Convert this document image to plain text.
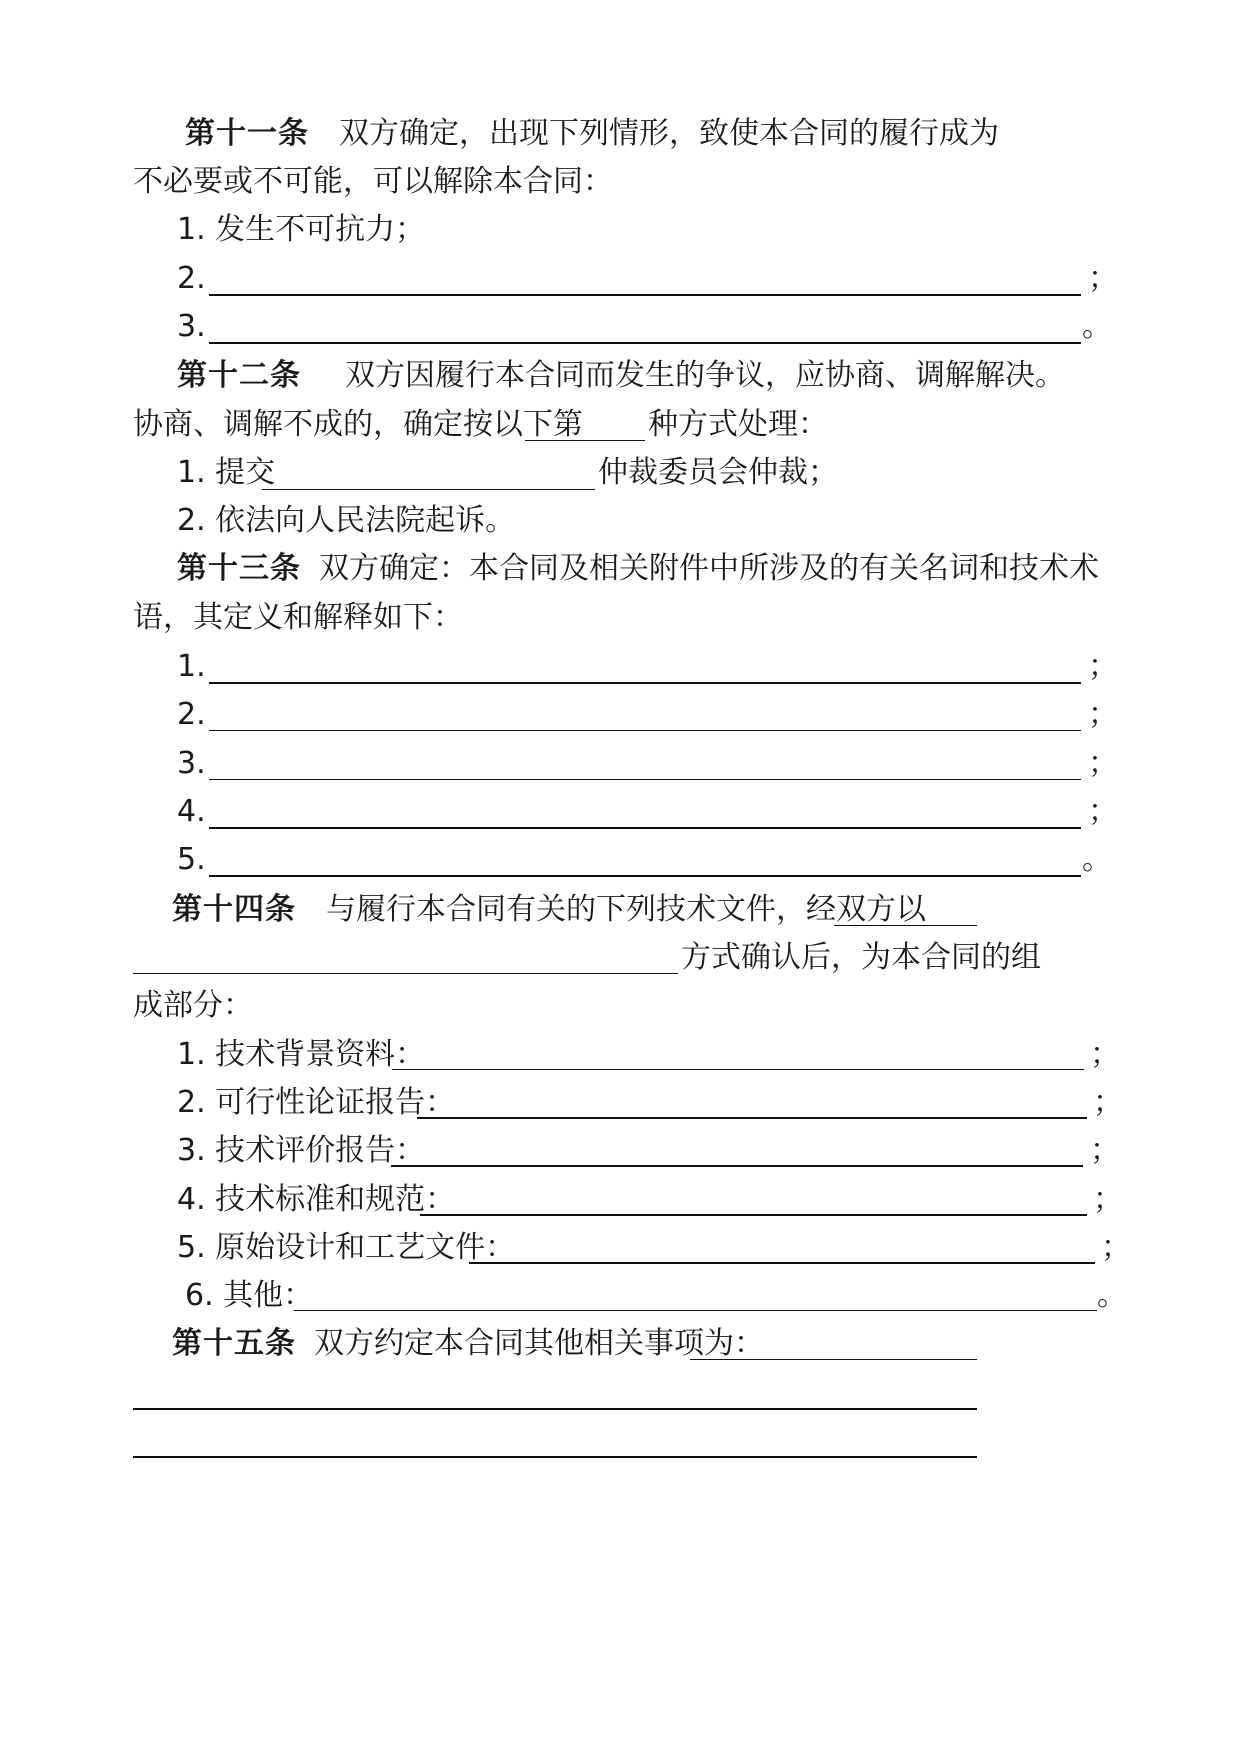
第十一条 双方确定，出现下列情形，致使本合同的履行成为
不必要或不可能，可以解除本合同：
1. 发生不可抗力；
2.	；
3.	。
第十二条 双方因履行本合同而发生的争议，应协商、调解解决。
协商、调解不成的，确定按以下第 种方式处理：
1. 提交	仲裁委员会仲裁；
2. 依法向人民法院起诉。
第十三条 双方确定：本合同及相关附件中所涉及的有关名词和技术术
语，其定义和解释如下：
1.	；
2.	；
3.	；
4.	；
5.	。
第十四条 与履行本合同有关的下列技术文件，经双方以
方式确认后，为本合同的组
成部分：
1. 技术背景资料：	；
2. 可行性论证报告：	；
3. 技术评价报告：	；
4. 技术标准和规范：	；
5. 原始设计和工艺文件：	；
6. 其他：	。
第十五条 双方约定本合同其他相关事项为：
